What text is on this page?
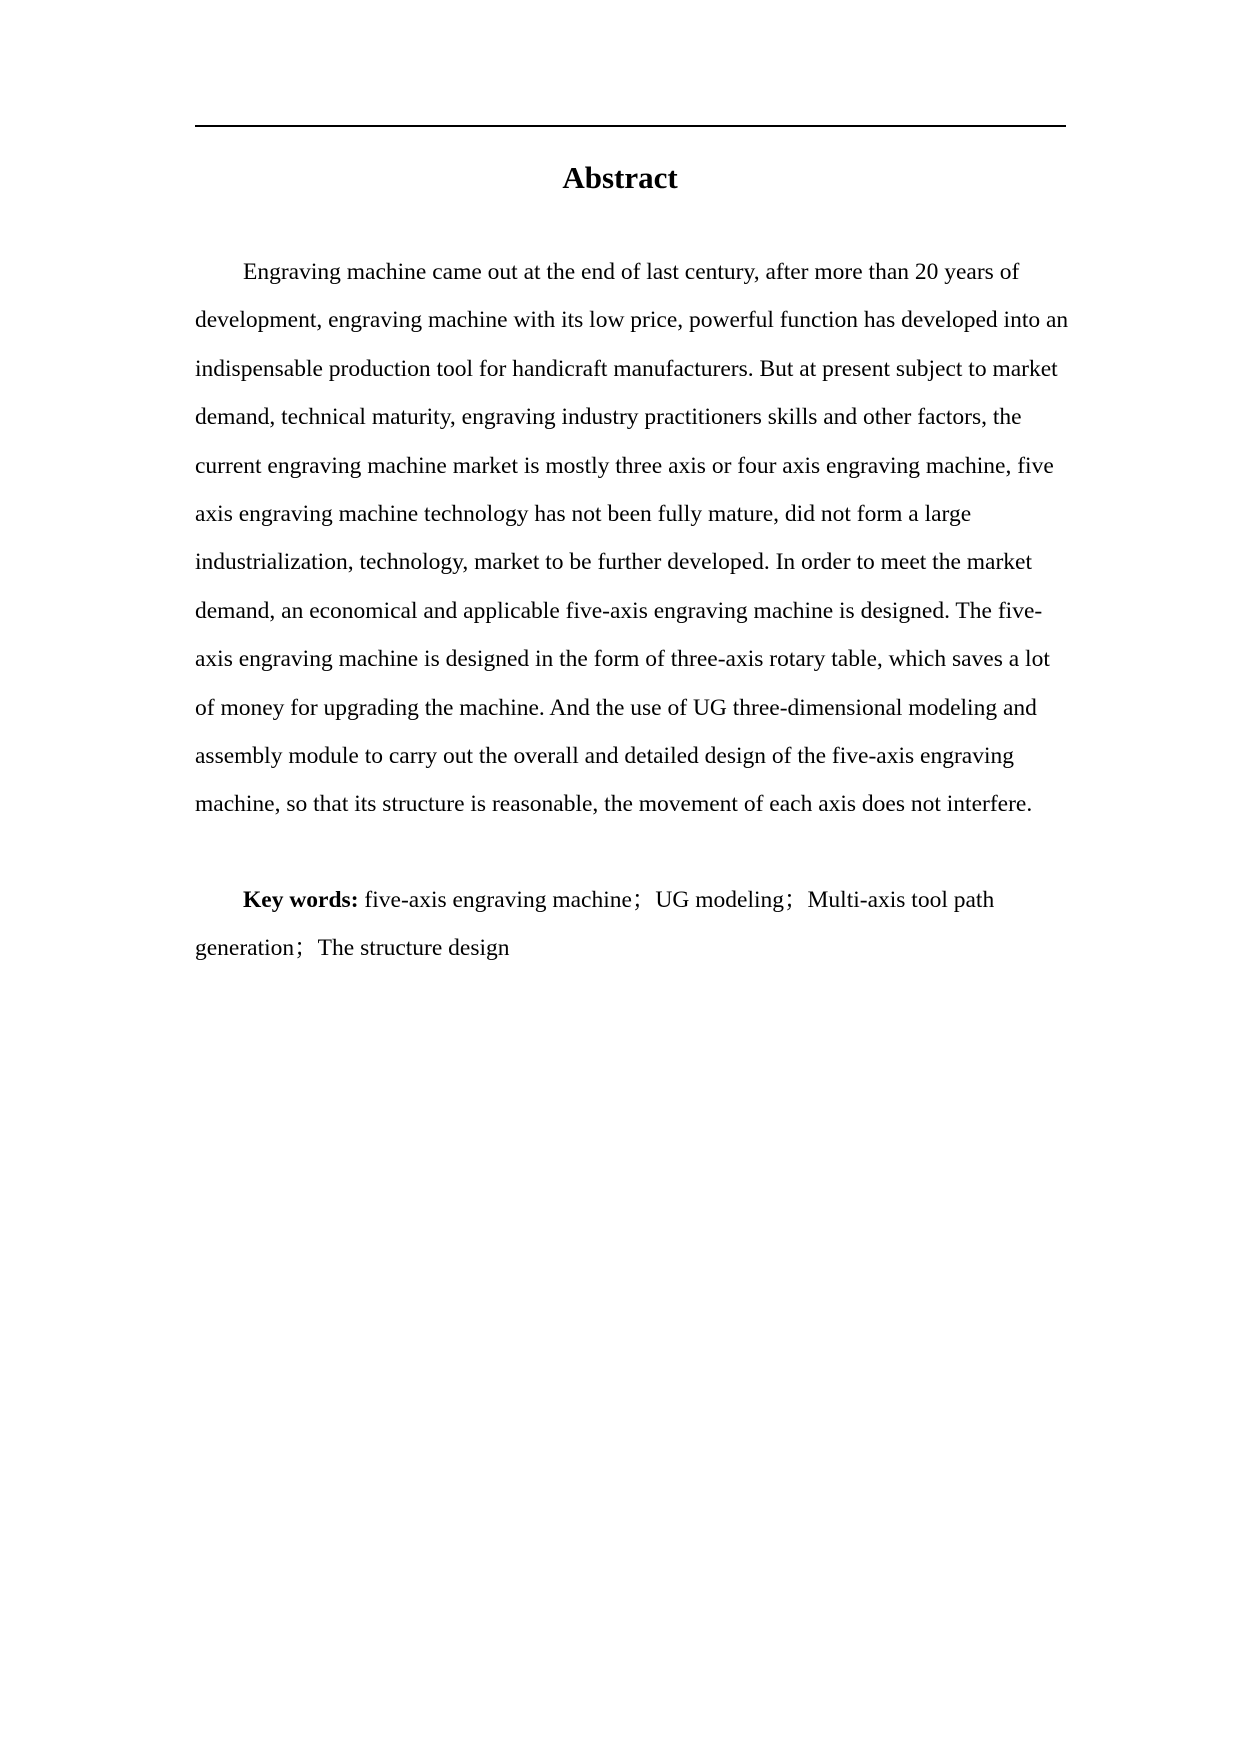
Abstract

Engraving machine came out at the end of last century, after more than 20 years of development, engraving machine with its low price, powerful function has developed into an indispensable production tool for handicraft manufacturers. But at present subject to market demand, technical maturity, engraving industry practitioners skills and other factors, the current engraving machine market is mostly three axis or four axis engraving machine, five axis engraving machine technology has not been fully mature, did not form a large industrialization, technology, market to be further developed. In order to meet the market demand, an economical and applicable five-axis engraving machine is designed. The five-axis engraving machine is designed in the form of three-axis rotary table, which saves a lot of money for upgrading the machine. And the use of UG three-dimensional modeling and assembly module to carry out the overall and detailed design of the five-axis engraving machine, so that its structure is reasonable, the movement of each axis does not interfere.

Key words: five-axis engraving machine；UG modeling；Multi-axis tool path generation；The structure design
